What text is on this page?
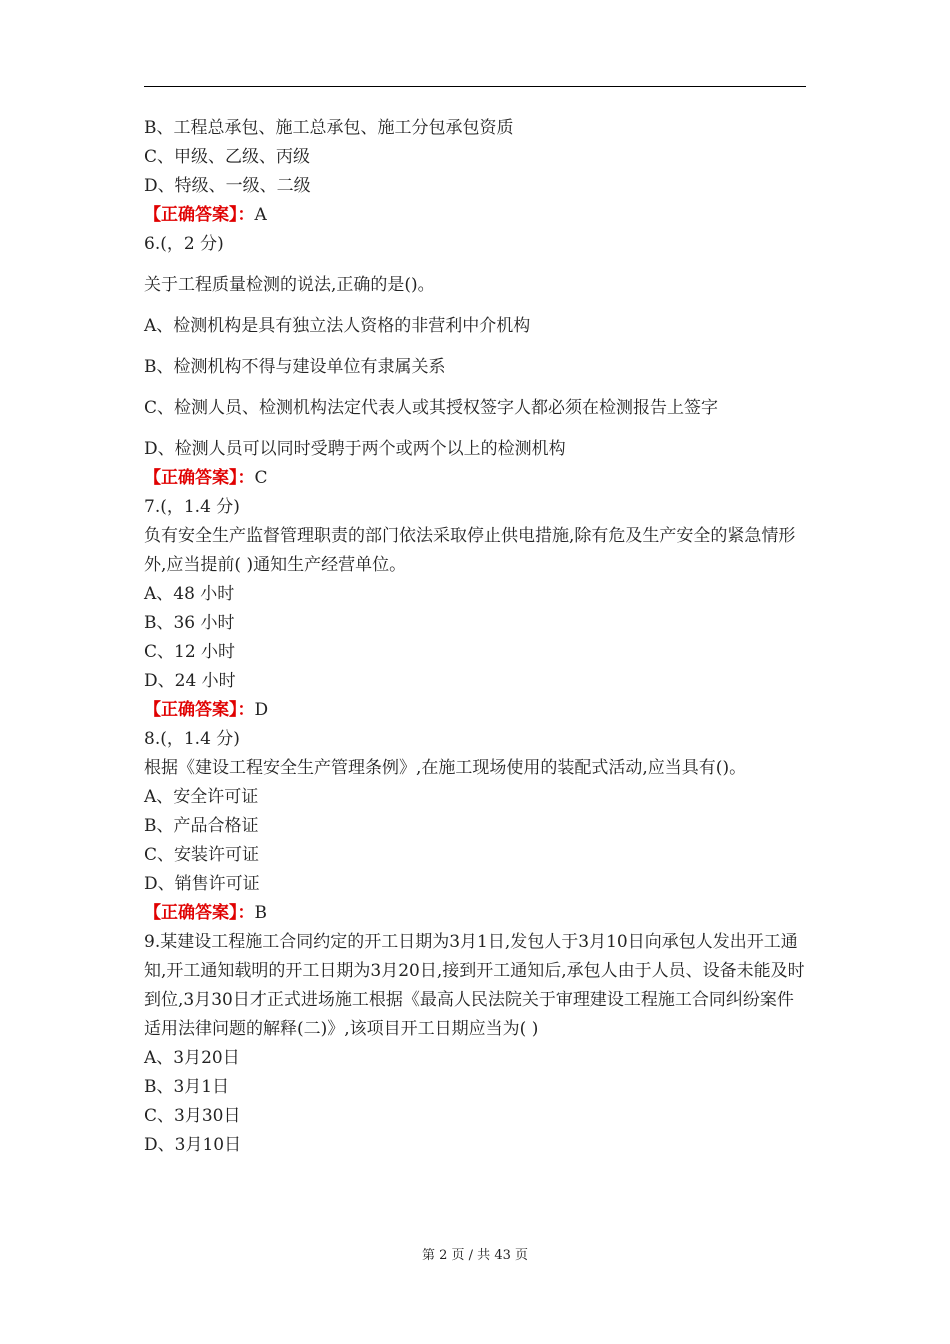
B、工程总承包、施工总承包、施工分包承包资质
C、甲级、乙级、丙级
D、特级、一级、二级
【正确答案】：A
6.(，2 分)
关于工程质量检测的说法,正确的是()。
A、检测机构是具有独立法人资格的非营利中介机构
B、检测机构不得与建设单位有隶属关系
C、检测人员、检测机构法定代表人或其授权签字人都必须在检测报告上签字
D、检测人员可以同时受聘于两个或两个以上的检测机构
【正确答案】：C
7.(，1.4 分)
负有安全生产监督管理职责的部门依法采取停止供电措施,除有危及生产安全的紧急情形外,应当提前( )通知生产经营单位。
A、48 小时
B、36 小时
C、12 小时
D、24 小时
【正确答案】：D
8.(，1.4 分)
根据《建设工程安全生产管理条例》,在施工现场使用的装配式活动,应当具有()。
A、安全许可证
B、产品合格证
C、安装许可证
D、销售许可证
【正确答案】：B
9.某建设工程施工合同约定的开工日期为3月1日,发包人于3月10日向承包人发出开工通知,开工通知载明的开工日期为3月20日,接到开工通知后,承包人由于人员、设备未能及时到位,3月30日才正式进场施工根据《最高人民法院关于审理建设工程施工合同纠纷案件适用法律问题的解释(二)》,该项目开工日期应当为( )
A、3月20日
B、3月1日
C、3月30日
D、3月10日
第 2 页 / 共 43 页
